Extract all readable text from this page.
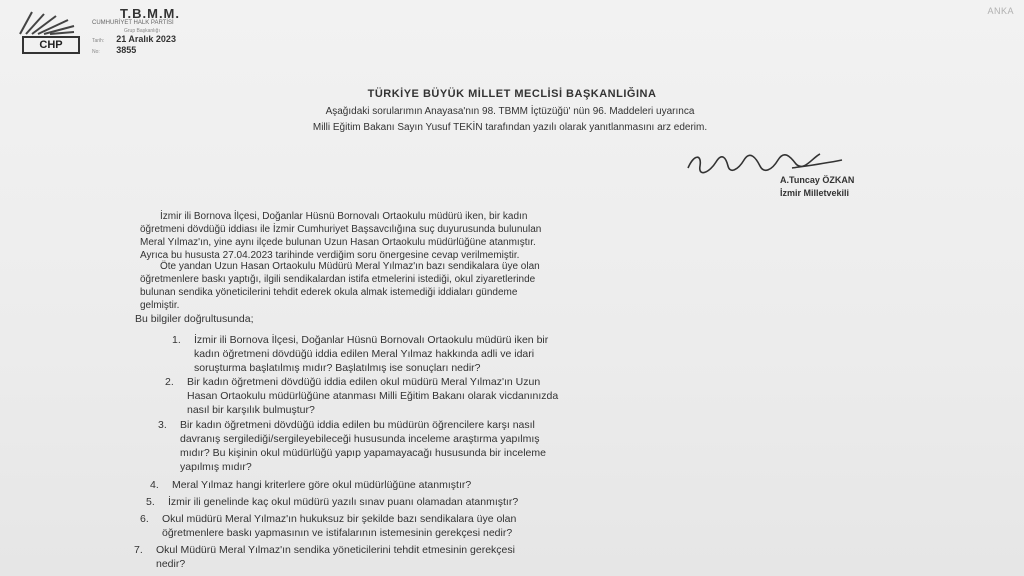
ANKA
CHP
T.B.M.M.
CUMHURİYET HALK PARTİSİ
Grup Başkanlığı
Tarih: 21 Aralık 2023
No: 3855
TÜRKİYE BÜYÜK MİLLET MECLİSİ BAŞKANLIĞINA
Aşağıdaki sorularımın Anayasa'nın 98. TBMM İçtüzüğü' nün 96. Maddeleri uyarınca
Milli Eğitim Bakanı Sayın Yusuf TEKİN tarafından yazılı olarak yanıtlanmasını arz ederim.
A.Tuncay ÖZKAN
İzmir Milletvekili
İzmir ili Bornova İlçesi, Doğanlar Hüsnü Bornovalı Ortaokulu müdürü iken, bir kadın
öğretmeni dövdüğü iddiası ile İzmir Cumhuriyet Başsavcılığına suç duyurusunda bulunulan
Meral Yılmaz'ın, yine aynı ilçede bulunan Uzun Hasan Ortaokulu müdürlüğüne atanmıştır.
Ayrıca bu hususta 27.04.2023 tarihinde verdiğim soru önergesine cevap verilmemiştir.
Öte yandan Uzun Hasan Ortaokulu Müdürü Meral Yılmaz'ın bazı sendikalara üye olan
öğretmenlere baskı yaptığı, ilgili sendikalardan istifa etmelerini istediği, okul ziyaretlerinde
bulunan sendika yöneticilerini tehdit ederek okula almak istemediği iddiaları gündeme
gelmiştir.
Bu bilgiler doğrultusunda;
1. İzmir ili Bornova İlçesi, Doğanlar Hüsnü Bornovalı Ortaokulu müdürü iken bir
kadın öğretmeni dövdüğü iddia edilen Meral Yılmaz hakkında adli ve idari
soruşturma başlatılmış mıdır? Başlatılmış ise sonuçları nedir?
2. Bir kadın öğretmeni dövdüğü iddia edilen okul müdürü Meral Yılmaz'ın Uzun
Hasan Ortaokulu müdürlüğüne atanması Milli Eğitim Bakanı olarak vicdanınızda
nasıl bir karşılık bulmuştur?
3. Bir kadın öğretmeni dövdüğü iddia edilen bu müdürün öğrencilere karşı nasıl
davranış sergilediği/sergileyebileceği hususunda inceleme araştırma yapılmış
mıdır? Bu kişinin okul müdürlüğü yapıp yapamayacağı hususunda bir inceleme
yapılmış mıdır?
4. Meral Yılmaz hangi kriterlere göre okul müdürlüğüne atanmıştır?
5. İzmir ili genelinde kaç okul müdürü yazılı sınav puanı olamadan atanmıştır?
6. Okul müdürü Meral Yılmaz'ın hukuksuz bir şekilde bazı sendikalara üye olan
öğretmenlere baskı yapmasının ve istifalarının istemesinin gerekçesi nedir?
7. Okul Müdürü Meral Yılmaz'ın sendika yöneticilerini tehdit etmesinin gerekçesi
nedir?
